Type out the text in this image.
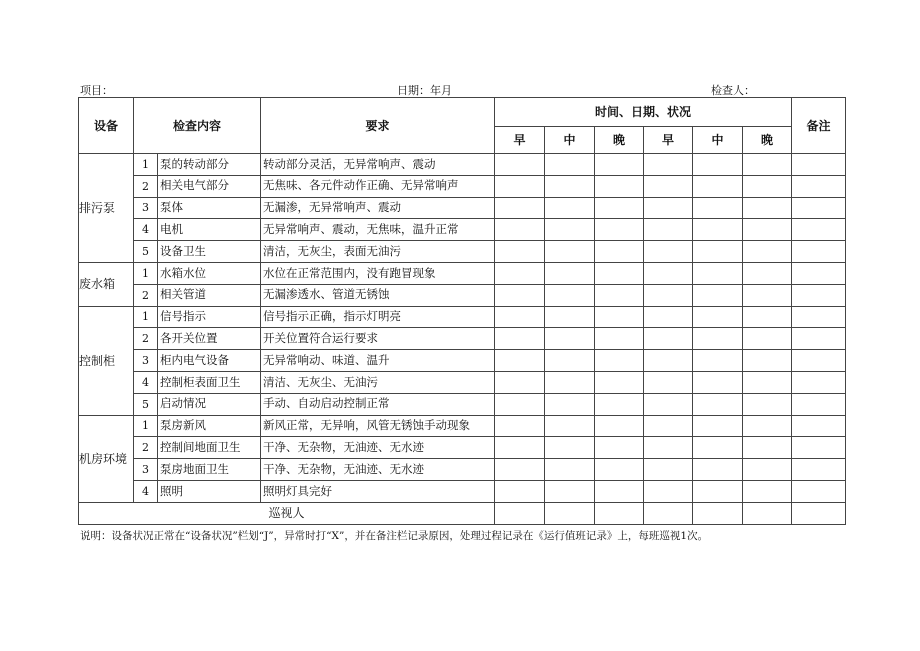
项目：	日期：年月	检查人：
设备	检查内容		要求	时间、日期、状况						备注
				早	中	晚	早	中	晚	
排污泵	1	泵的转动部分	转动部分灵活，无异常响声、震动							
	2	相关电气部分	无焦味、各元件动作正确、无异常响声							
	3	泵体	无漏渗，无异常响声、震动							
	4	电机	无异常响声、震动，无焦味，温升正常							
	5	设备卫生	清洁，无灰尘，表面无油污							
废水箱	1	水箱水位	水位在正常范围内，没有跑冒现象							
	2	相关管道	无漏渗透水、管道无锈蚀							
控制柜	1	信号指示	信号指示正确，指示灯明亮							
	2	各开关位置	开关位置符合运行要求							
	3	柜内电气设备	无异常响动、味道、温升							
	4	控制柜表面卫生	清洁、无灰尘、无油污							
	5	启动情况	手动、自动启动控制正常							
机房环境	1	泵房新风	新风正常，无异响，风管无锈蚀手动现象							
	2	控制间地面卫生	干净、无杂物，无油迹、无水迹							
	3	泵房地面卫生	干净、无杂物，无油迹、无水迹							
	4	照明	照明灯具完好							
巡视人										
说明：设备状况正常在“设备状况”栏划“J”，异常时打“X”，并在备注栏记录原因，处理过程记录在《运行值班记录》上，每班巡视1次。
